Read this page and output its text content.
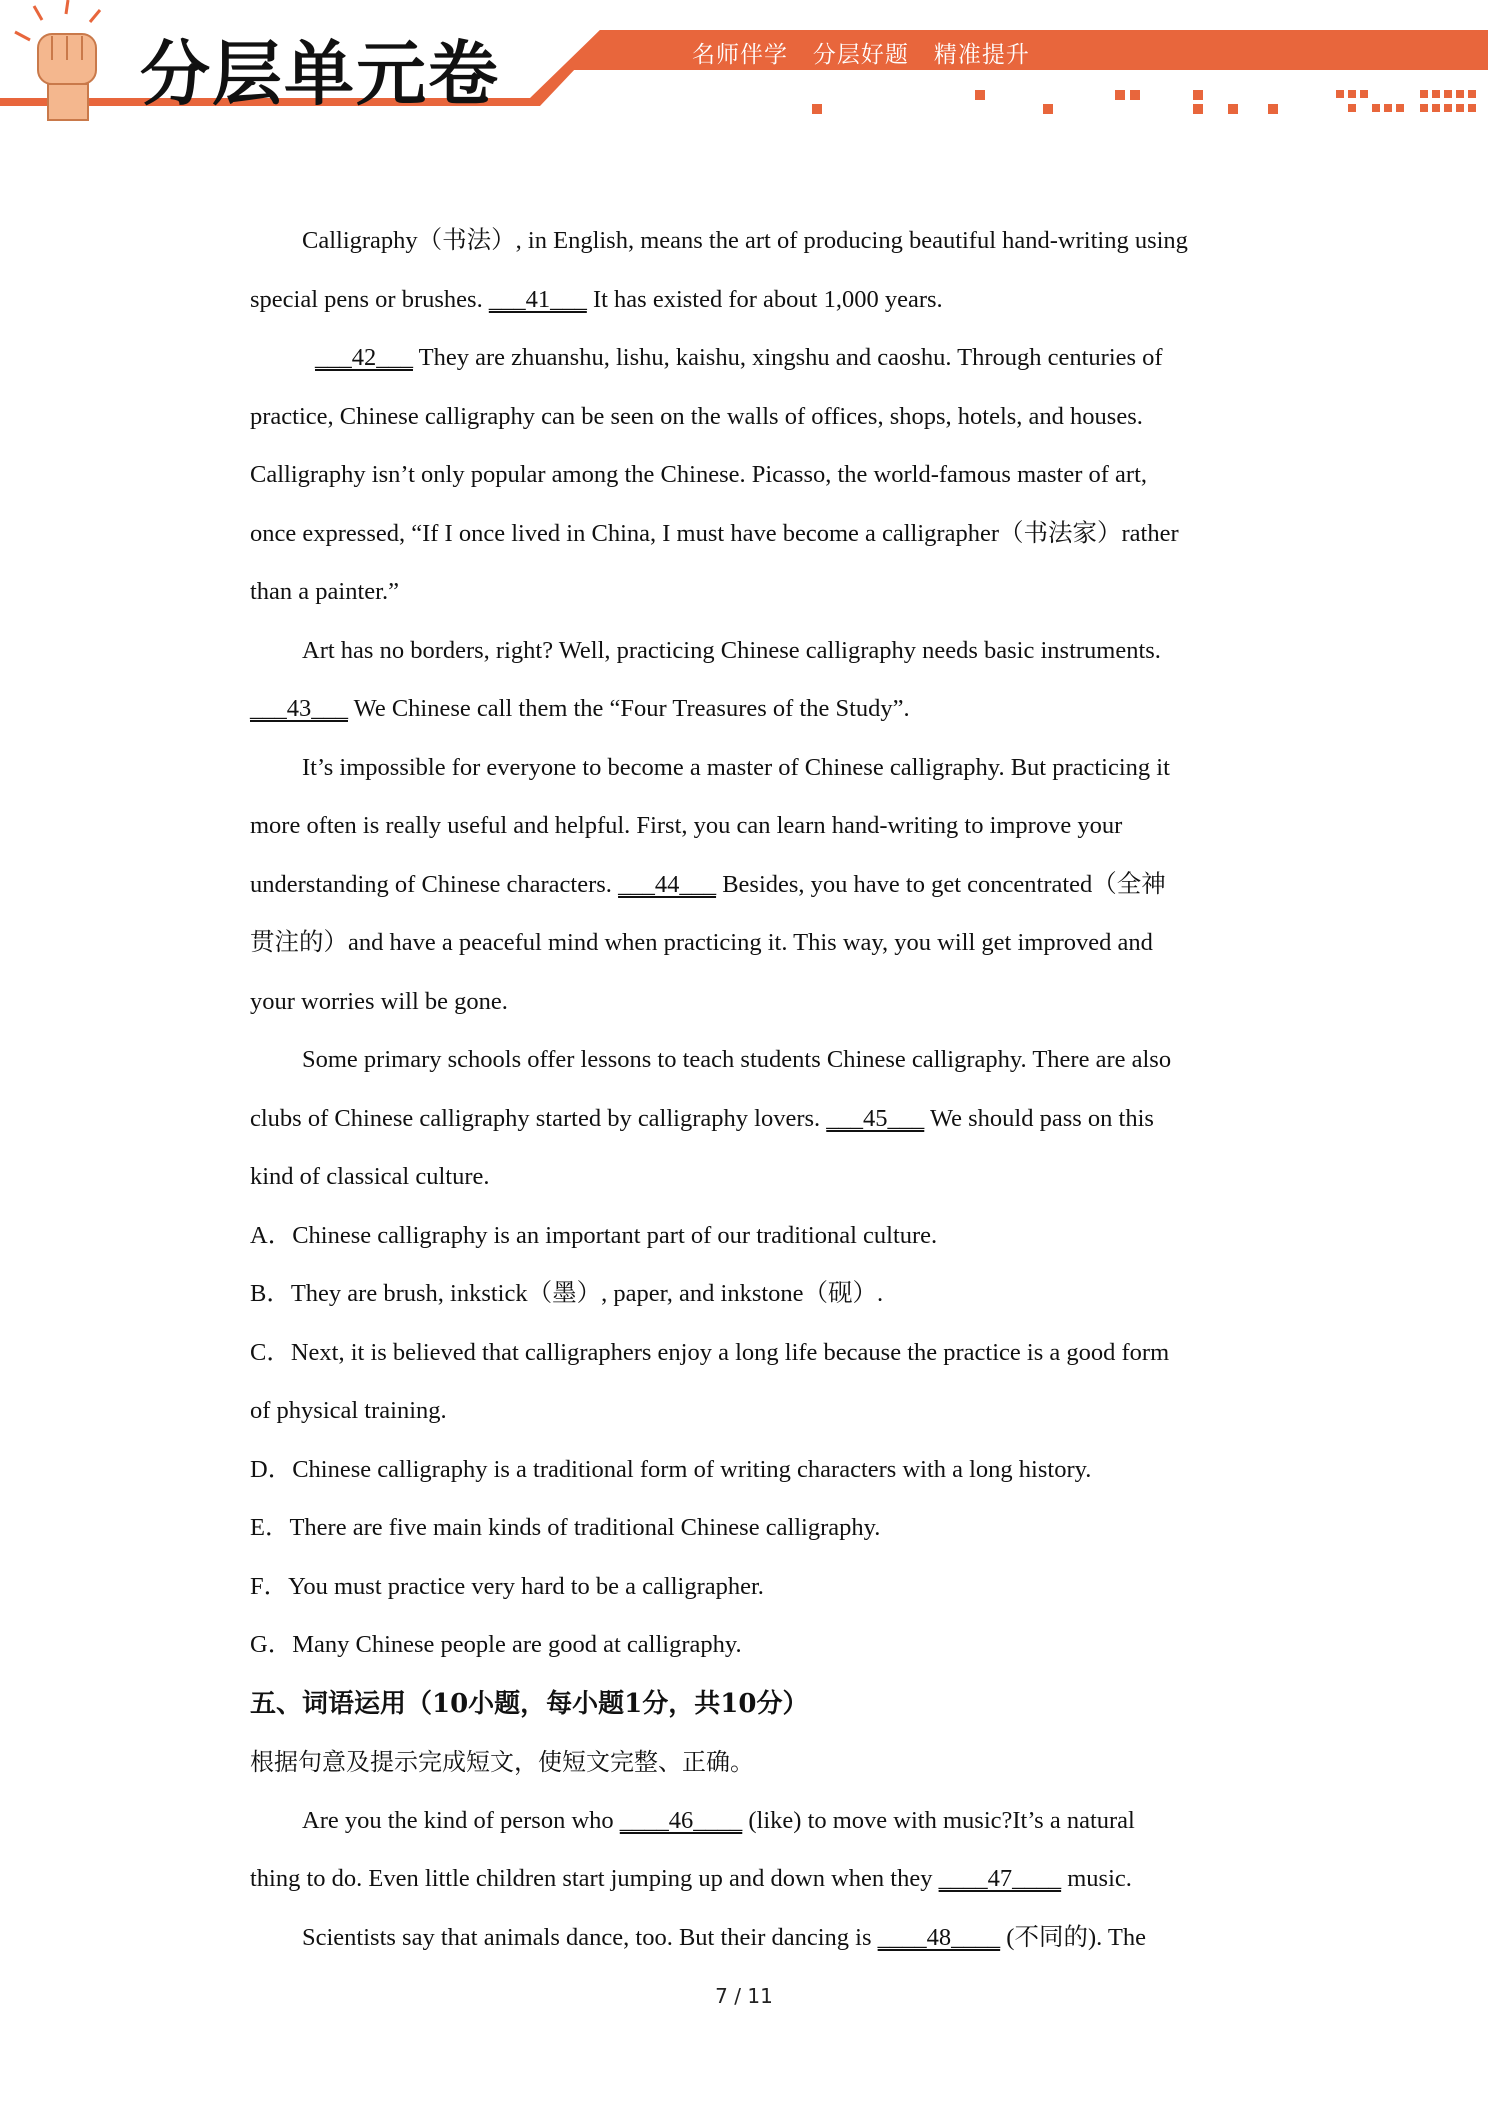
分层单元卷	名师伴学   分层好题   精准提升
Calligraphy（书法）, in English, means the art of producing beautiful hand-writing using
special pens or brushes. ___41___ It has existed for about 1,000 years.
___42___ They are zhuanshu, lishu, kaishu, xingshu and caoshu. Through centuries of
practice, Chinese calligraphy can be seen on the walls of offices, shops, hotels, and houses.
Calligraphy isn’t only popular among the Chinese. Picasso, the world-famous master of art,
once expressed, “If I once lived in China, I must have become a calligrapher（书法家）rather
than a painter.”
Art has no borders, right? Well, practicing Chinese calligraphy needs basic instruments.
___43___ We Chinese call them the “Four Treasures of the Study”.
It’s impossible for everyone to become a master of Chinese calligraphy. But practicing it
more often is really useful and helpful. First, you can learn hand-writing to improve your
understanding of Chinese characters. ___44___ Besides, you have to get concentrated（全神
贯注的）and have a peaceful mind when practicing it. This way, you will get improved and
your worries will be gone.
Some primary schools offer lessons to teach students Chinese calligraphy. There are also
clubs of Chinese calligraphy started by calligraphy lovers. ___45___ We should pass on this
kind of classical culture.
A．Chinese calligraphy is an important part of our traditional culture.
B．They are brush, inkstick（墨）, paper, and inkstone（砚）.
C．Next, it is believed that calligraphers enjoy a long life because the practice is a good form
of physical training.
D．Chinese calligraphy is a traditional form of writing characters with a long history.
E．There are five main kinds of traditional Chinese calligraphy.
F．You must practice very hard to be a calligrapher.
G．Many Chinese people are good at calligraphy.
五、词语运用（10小题，每小题1分，共10分）
根据句意及提示完成短文，使短文完整、正确。
Are you the kind of person who ____46____ (like) to move with music?It’s a natural
thing to do. Even little children start jumping up and down when they ____47____ music.
Scientists say that animals dance, too. But their dancing is ____48____ (不同的). The
7 / 11
